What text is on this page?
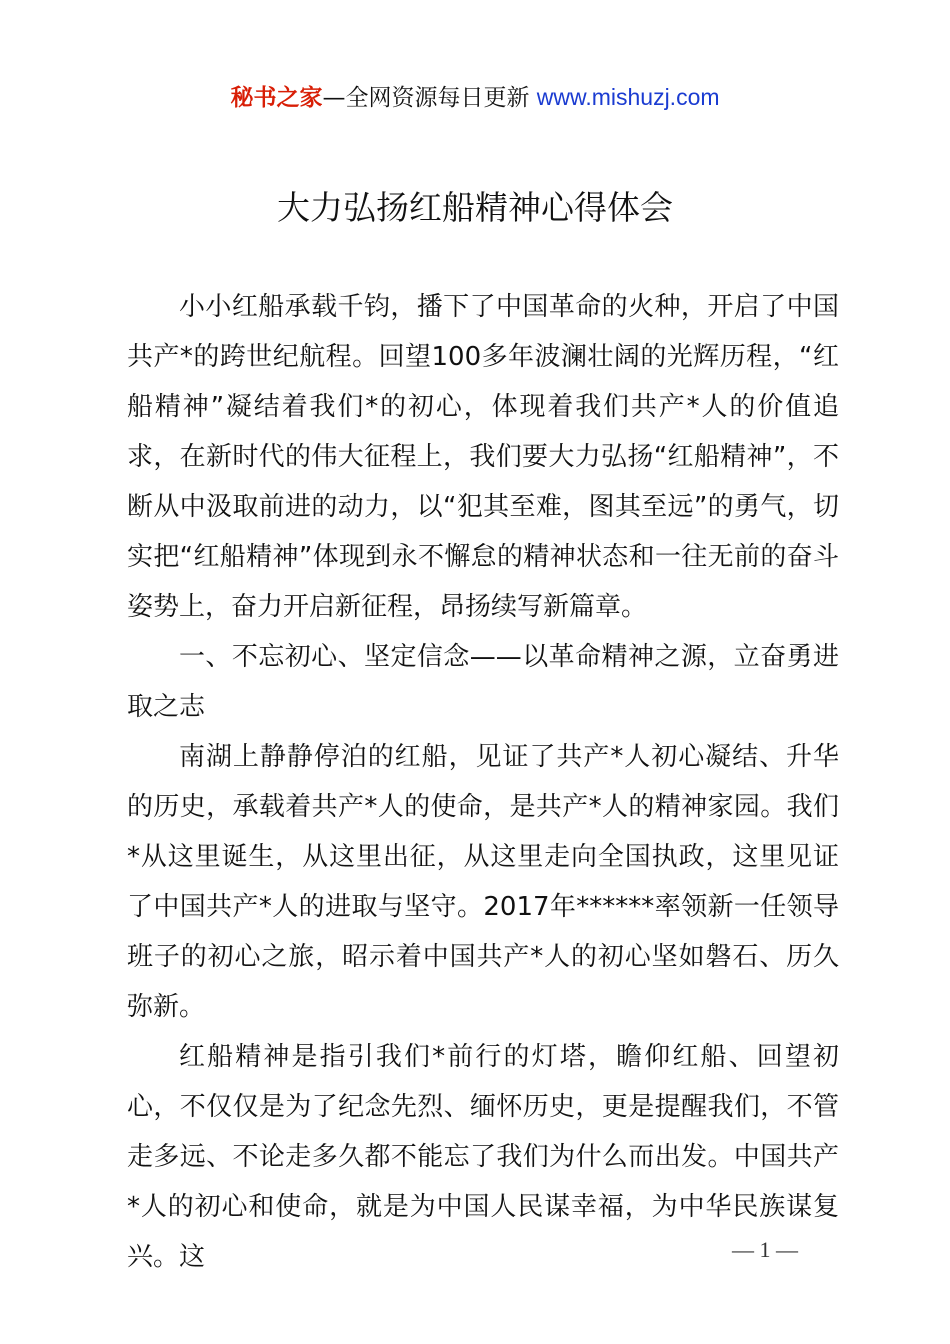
秘书之家—全网资源每日更新 www.mishuzj.com
大力弘扬红船精神心得体会

小小红船承载千钧，播下了中国革命的火种，开启了中国共产*的跨世纪航程。回望100多年波澜壮阔的光辉历程，“红船精神”凝结着我们*的初心，体现着我们共产*人的价值追求，在新时代的伟大征程上，我们要大力弘扬“红船精神”，不断从中汲取前进的动力，以“犯其至难，图其至远”的勇气，切实把“红船精神”体现到永不懈怠的精神状态和一往无前的奋斗姿势上，奋力开启新征程，昂扬续写新篇章。

一、不忘初心、坚定信念——以革命精神之源，立奋勇进取之志

南湖上静静停泊的红船，见证了共产*人初心凝结、升华的历史，承载着共产*人的使命，是共产*人的精神家园。我们*从这里诞生，从这里出征，从这里走向全国执政，这里见证了中国共产*人的进取与坚守。2017年******率领新一任领导班子的初心之旅，昭示着中国共产*人的初心坚如磐石、历久弥新。

红船精神是指引我们*前行的灯塔，瞻仰红船、回望初心，不仅仅是为了纪念先烈、缅怀历史，更是提醒我们，不管走多远、不论走多久都不能忘了我们为什么而出发。中国共产*人的初心和使命，就是为中国人民谋幸福，为中华民族谋复兴。这	— 1 —
